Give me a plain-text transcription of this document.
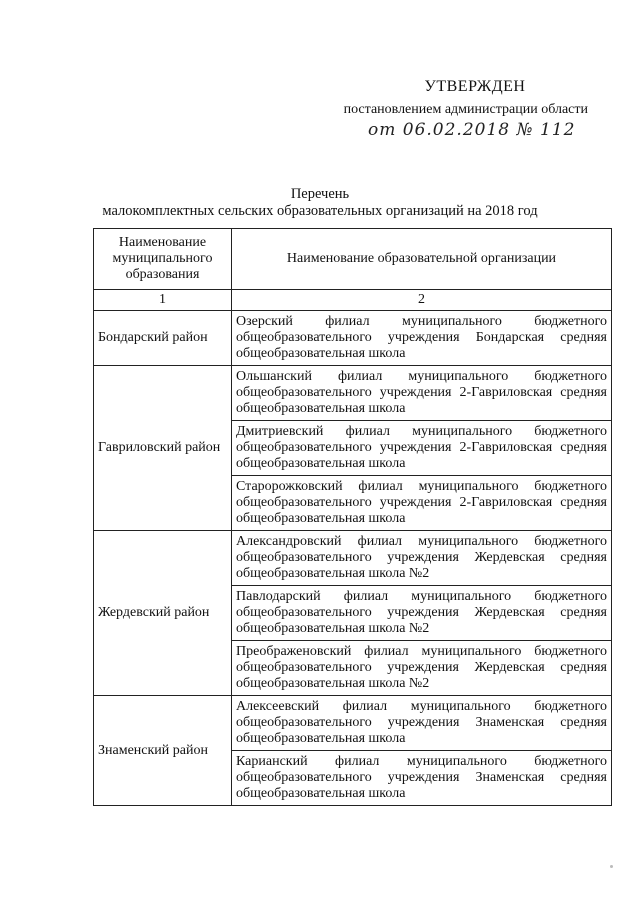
УТВЕРЖДЕН
постановлением администрации области
от 06.02.2018 № 112
Перечень
малокомплектных сельских образовательных организаций на 2018 год
Наименование муниципального образования	Наименование образовательной организации
1	2
Бондарский район	Озерский филиал муниципального бюджетного общеобразовательного учреждения Бондарская средняя общеобразовательная школа
Гавриловский район	Ольшанский филиал муниципального бюджетного общеобразовательного учреждения 2-Гавриловская средняя общеобразовательная школа
	Дмитриевский филиал муниципального бюджетного общеобразовательного учреждения 2-Гавриловская средняя общеобразовательная школа
	Старорожковский филиал муниципального бюджетного общеобразовательного учреждения 2-Гавриловская средняя общеобразовательная школа
Жердевский район	Александровский филиал муниципального бюджетного общеобразовательного учреждения Жердевская средняя общеобразовательная школа №2
	Павлодарский филиал муниципального бюджетного общеобразовательного учреждения Жердевская средняя общеобразовательная школа №2
	Преображеновский филиал муниципального бюджетного общеобразовательного учреждения Жердевская средняя общеобразовательная школа №2
Знаменский район	Алексеевский филиал муниципального бюджетного общеобразовательного учреждения Знаменская средняя общеобразовательная школа
	Карианский филиал муниципального бюджетного общеобразовательного учреждения Знаменская средняя общеобразовательная школа
